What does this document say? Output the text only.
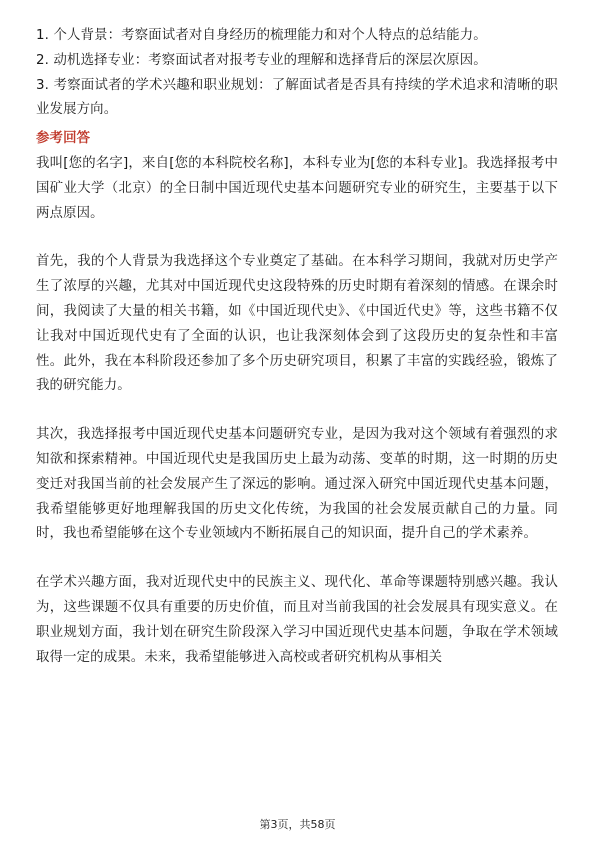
1. 个人背景：考察面试者对自身经历的梳理能力和对个人特点的总结能力。

2. 动机选择专业：考察面试者对报考专业的理解和选择背后的深层次原因。

3. 考察面试者的学术兴趣和职业规划：了解面试者是否具有持续的学术追求和清晰的职业发展方向。

参考回答

我叫[您的名字]，来自[您的本科院校名称]，本科专业为[您的本科专业]。我选择报考中国矿业大学（北京）的全日制中国近现代史基本问题研究专业的研究生，主要基于以下两点原因。

首先，我的个人背景为我选择这个专业奠定了基础。在本科学习期间，我就对历史学产生了浓厚的兴趣，尤其对中国近现代史这段特殊的历史时期有着深刻的情感。在课余时间，我阅读了大量的相关书籍，如《中国近现代史》、《中国近代史》等，这些书籍不仅让我对中国近现代史有了全面的认识，也让我深刻体会到了这段历史的复杂性和丰富性。此外，我在本科阶段还参加了多个历史研究项目，积累了丰富的实践经验，锻炼了我的研究能力。

其次，我选择报考中国近现代史基本问题研究专业，是因为我对这个领域有着强烈的求知欲和探索精神。中国近现代史是我国历史上最为动荡、变革的时期，这一时期的历史变迁对我国当前的社会发展产生了深远的影响。通过深入研究中国近现代史基本问题，我希望能够更好地理解我国的历史文化传统，为我国的社会发展贡献自己的力量。同时，我也希望能够在这个专业领域内不断拓展自己的知识面，提升自己的学术素养。

在学术兴趣方面，我对近现代史中的民族主义、现代化、革命等课题特别感兴趣。我认为，这些课题不仅具有重要的历史价值，而且对当前我国的社会发展具有现实意义。在职业规划方面，我计划在研究生阶段深入学习中国近现代史基本问题，争取在学术领域取得一定的成果。未来，我希望能够进入高校或者研究机构从事相关

第3页，共58页
